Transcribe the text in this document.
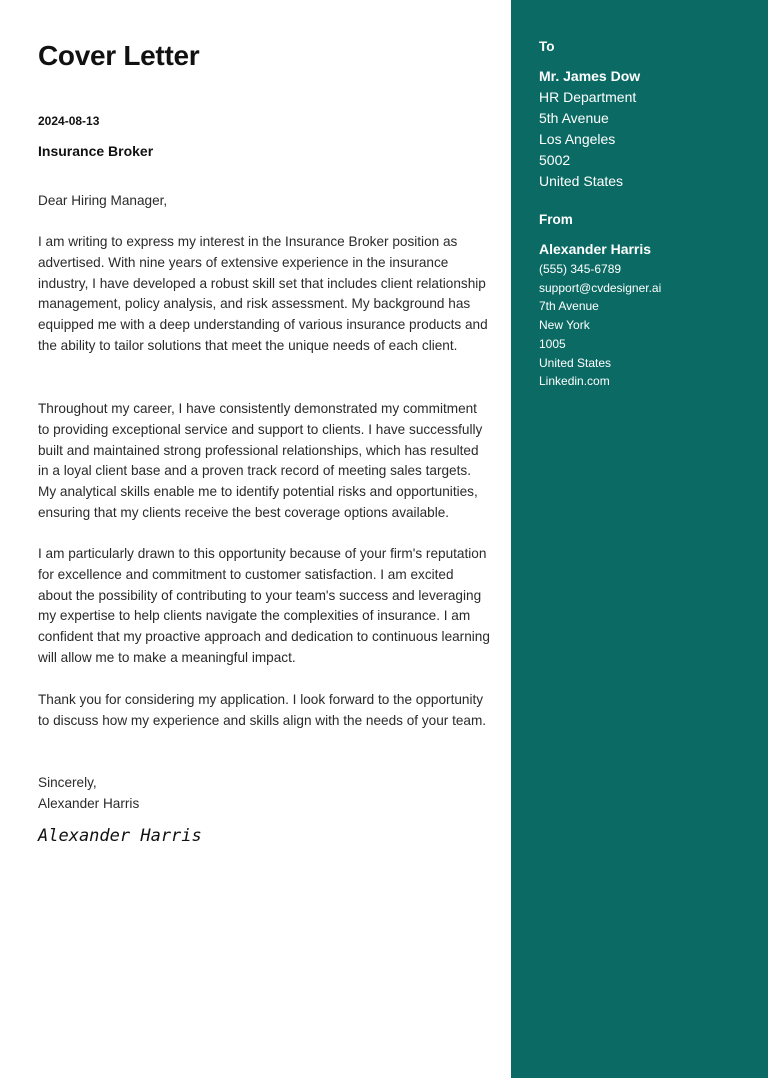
Cover Letter
2024-08-13
Insurance Broker

Dear Hiring Manager,

I am writing to express my interest in the Insurance Broker position as advertised. With nine years of extensive experience in the insurance industry, I have developed a robust skill set that includes client relationship management, policy analysis, and risk assessment. My background has equipped me with a deep understanding of various insurance products and the ability to tailor solutions that meet the unique needs of each client.

Throughout my career, I have consistently demonstrated my commitment to providing exceptional service and support to clients. I have successfully built and maintained strong professional relationships, which has resulted in a loyal client base and a proven track record of meeting sales targets. My analytical skills enable me to identify potential risks and opportunities, ensuring that my clients receive the best coverage options available.

I am particularly drawn to this opportunity because of your firm's reputation for excellence and commitment to customer satisfaction. I am excited about the possibility of contributing to your team's success and leveraging my expertise to help clients navigate the complexities of insurance. I am confident that my proactive approach and dedication to continuous learning will allow me to make a meaningful impact.

Thank you for considering my application. I look forward to the opportunity to discuss how my experience and skills align with the needs of your team.

Sincerely,

Alexander Harris

Alexander Harris
To
Mr. James Dow
HR Department
5th Avenue
Los Angeles
5002
United States
From
Alexander Harris
(555) 345-6789
support@cvdesigner.ai
7th Avenue
New York
1005
United States
Linkedin.com
